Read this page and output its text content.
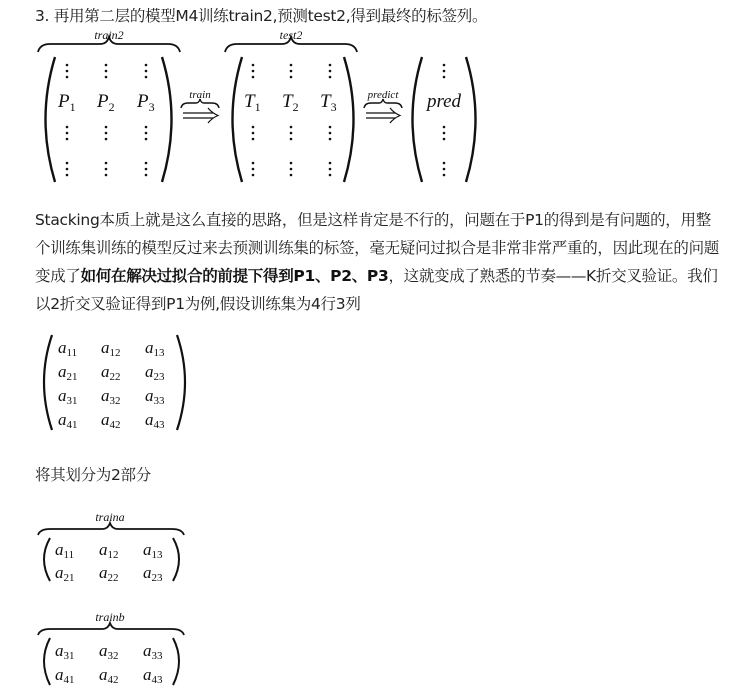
3. 再用第二层的模型M4训练train2,预测test2,得到最终的标签列。
train2
$P_1$ $P_2$ $P_3$
train
test2
$T_1$ $T_2$ $T_3$
predict pred
Stacking本质上就是这么直接的思路，但是这样肯定是不行的，问题在于P1的得到是有问题的，用整个训练集训练的模型反过来去预测训练集的标签，毫无疑问过拟合是非常非常严重的，因此现在的问题变成了如何在解决过拟合的前提下得到P1、P2、P3，这就变成了熟悉的节奏——K折交叉验证。我们以2折交叉验证得到P1为例,假设训练集为4行3列
a11 a12 a13
a21 a22 a23
a31 a32 a33
a41 a42 a43
将其划分为2部分
traina
a11 a12 a13
a21 a22 a23
trainb
a31 a32 a33
a41 a42 a43
